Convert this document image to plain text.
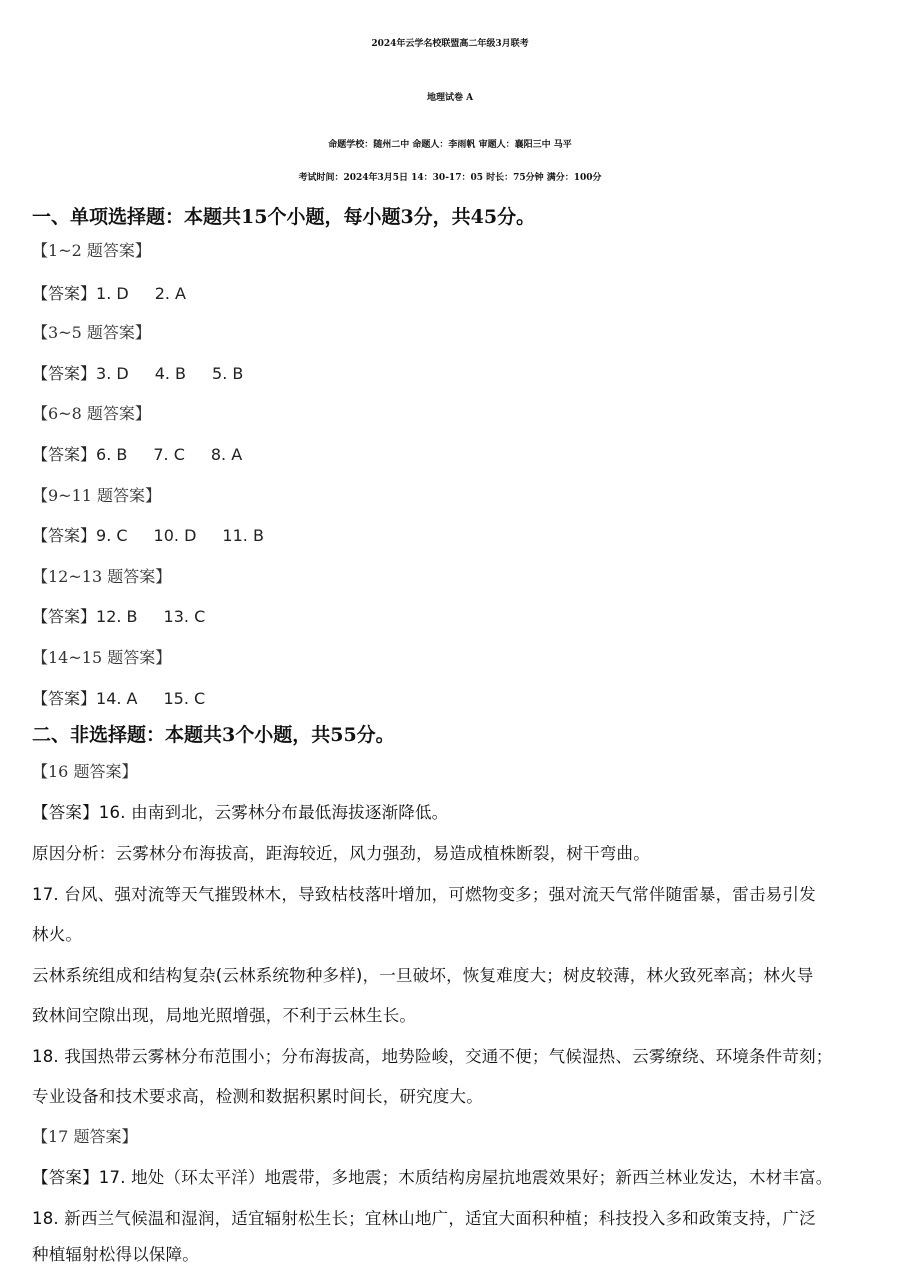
2024年云学名校联盟高二年级3月联考
地理试卷 A
命题学校：随州二中 命题人：李雨帆 审题人：襄阳三中 马平
考试时间：2024年3月5日 14：30-17：05 时长：75分钟 满分：100分
一、单项选择题：本题共15个小题，每小题3分，共45分。
【1~2 题答案】
【答案】1. D 2. A
【3~5 题答案】
【答案】3. D 4. B 5. B
【6~8 题答案】
【答案】6. B 7. C 8. A
【9~11 题答案】
【答案】9. C 10. D 11. B
【12~13 题答案】
【答案】12. B 13. C
【14~15 题答案】
【答案】14. A 15. C
二、非选择题：本题共3个小题，共55分。
【16 题答案】
【答案】16. 由南到北，云雾林分布最低海拔逐渐降低。
原因分析：云雾林分布海拔高，距海较近，风力强劲，易造成植株断裂，树干弯曲。
17. 台风、强对流等天气摧毁林木，导致枯枝落叶增加，可燃物变多；强对流天气常伴随雷暴，雷击易引发
林火。
云林系统组成和结构复杂(云林系统物种多样)，一旦破坏，恢复难度大；树皮较薄，林火致死率高；林火导
致林间空隙出现，局地光照增强，不利于云林生长。
18. 我国热带云雾林分布范围小；分布海拔高，地势险峻，交通不便；气候湿热、云雾缭绕、环境条件苛刻；
专业设备和技术要求高，检测和数据积累时间长，研究度大。
【17 题答案】
【答案】17. 地处（环太平洋）地震带，多地震；木质结构房屋抗地震效果好；新西兰林业发达，木材丰富。
18. 新西兰气候温和湿润，适宜辐射松生长；宜林山地广，适宜大面积种植；科技投入多和政策支持，广泛
种植辐射松得以保障。
